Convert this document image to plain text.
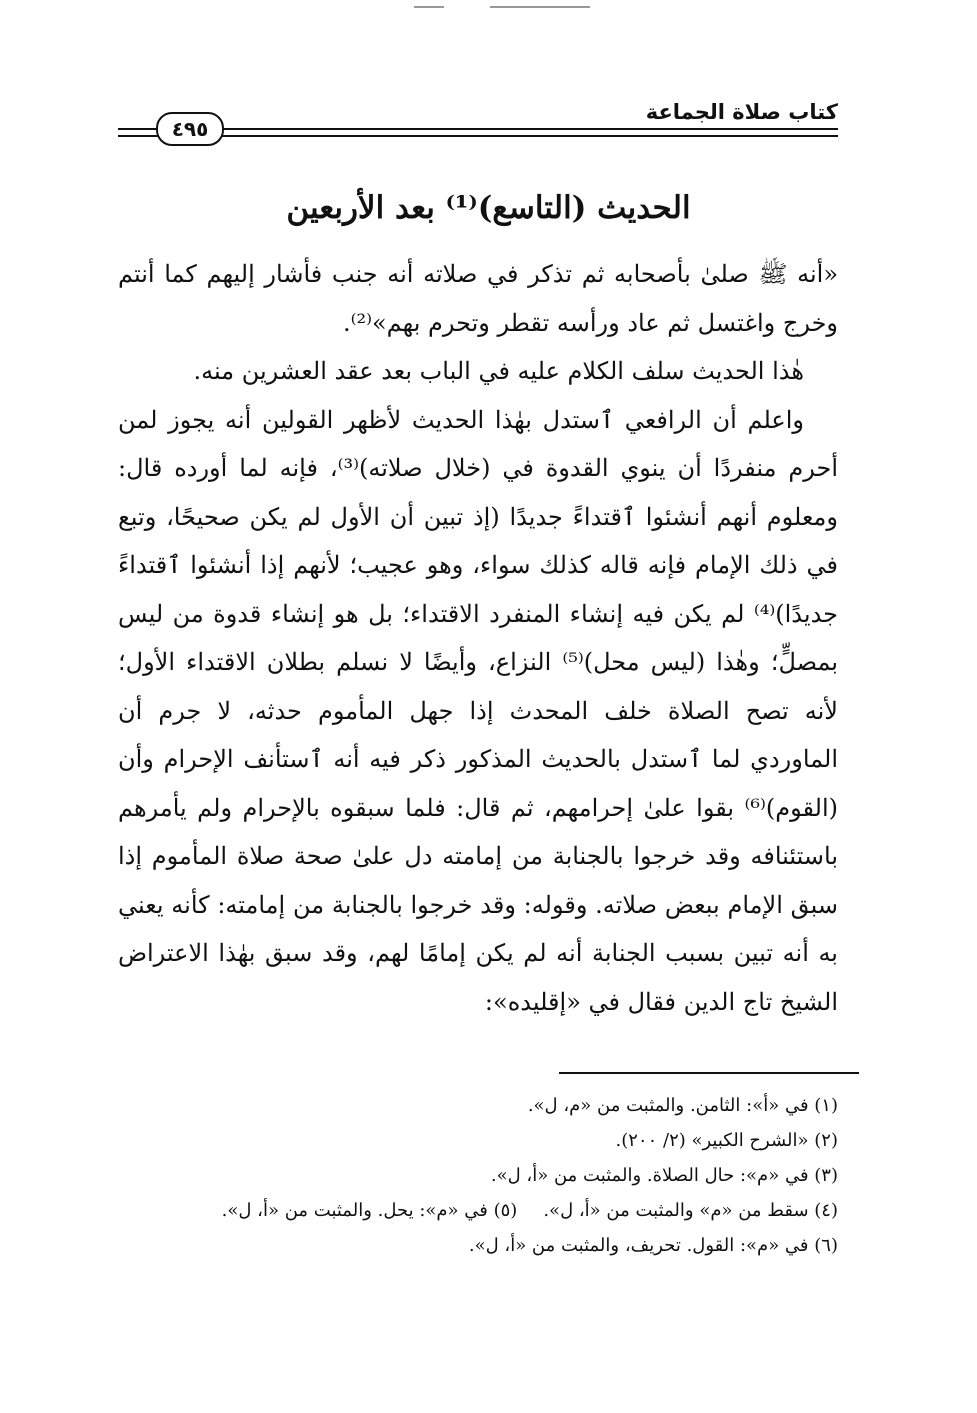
٤٩٥
كتاب صلاة الجماعة
الحديث (التاسع)⁽¹⁾ بعد الأربعين

«أنه ﷺ صلىٰ بأصحابه ثم تذكر في صلاته أنه جنب فأشار إليهم كما أنتم وخرج واغتسل ثم عاد ورأسه تقطر وتحرم بهم»⁽²⁾.

هٰذا الحديث سلف الكلام عليه في الباب بعد عقد العشرين منه.

واعلم أن الرافعي ٱستدل بهٰذا الحديث لأظهر القولين أنه يجوز لمن أحرم منفردًا أن ينوي القدوة في (خلال صلاته)⁽³⁾، فإنه لما أورده قال: ومعلوم أنهم أنشئوا ٱقتداءً جديدًا (إذ تبين أن الأول لم يكن صحيحًا، وتبع في ذلك الإمام فإنه قاله كذلك سواء، وهو عجيب؛ لأنهم إذا أنشئوا ٱقتداءً جديدًا)⁽⁴⁾ لم يكن فيه إنشاء المنفرد الاقتداء؛ بل هو إنشاء قدوة من ليس بمصلٍّ؛ وهٰذا (ليس محل)⁽⁵⁾ النزاع، وأيضًا لا نسلم بطلان الاقتداء الأول؛ لأنه تصح الصلاة خلف المحدث إذا جهل المأموم حدثه، لا جرم أن الماوردي لما ٱستدل بالحديث المذكور ذكر فيه أنه ٱستأنف الإحرام وأن (القوم)⁽⁶⁾ بقوا علىٰ إحرامهم، ثم قال: فلما سبقوه بالإحرام ولم يأمرهم باستئنافه وقد خرجوا بالجنابة من إمامته دل علىٰ صحة صلاة المأموم إذا سبق الإمام ببعض صلاته. وقوله: وقد خرجوا بالجنابة من إمامته: كأنه يعني به أنه تبين بسبب الجنابة أنه لم يكن إمامًا لهم، وقد سبق بهٰذا الاعتراض الشيخ تاج الدين فقال في «إقليده»:

(١) في «أ»: الثامن. والمثبت من «م، ل».

(٢) «الشرح الكبير» (٢/ ٢٠٠).

(٣) في «م»: حال الصلاة. والمثبت من «أ، ل».

(٤) سقط من «م» والمثبت من «أ، ل».
(٥) في «م»: يحل. والمثبت من «أ، ل».

(٦) في «م»: القول. تحريف، والمثبت من «أ، ل».
